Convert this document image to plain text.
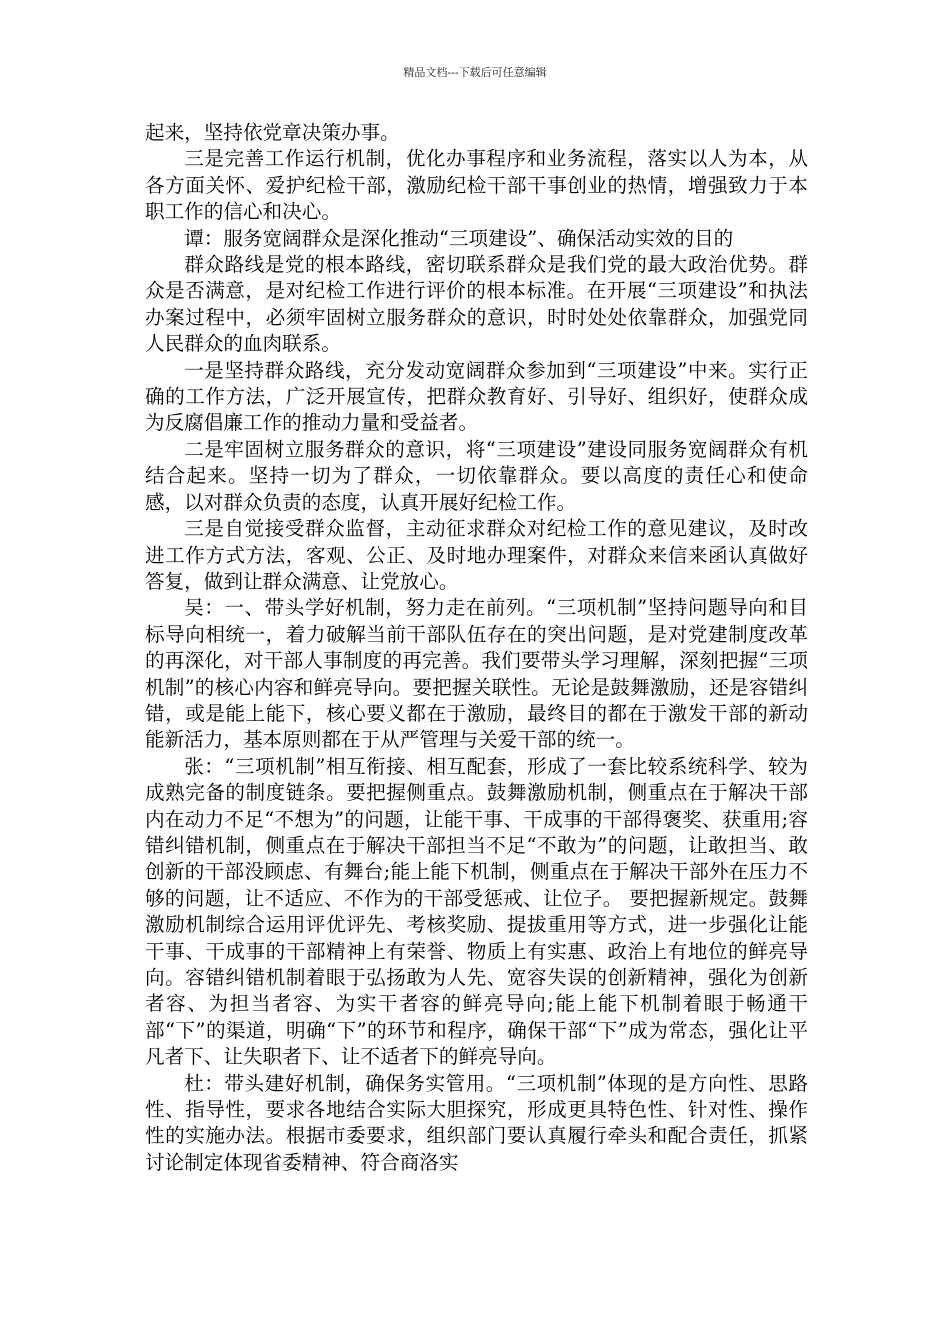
精品文档---下载后可任意编辑

起来，坚持依党章决策办事。

三是完善工作运行机制，优化办事程序和业务流程，落实以人为本，从各方面关怀、爱护纪检干部，激励纪检干部干事创业的热情，增强致力于本职工作的信心和决心。

谭：服务宽阔群众是深化推动“三项建设”、确保活动实效的目的

群众路线是党的根本路线，密切联系群众是我们党的最大政治优势。群众是否满意，是对纪检工作进行评价的根本标准。在开展“三项建设”和执法办案过程中，必须牢固树立服务群众的意识，时时处处依靠群众，加强党同人民群众的血肉联系。

一是坚持群众路线，充分发动宽阔群众参加到“三项建设”中来。实行正确的工作方法，广泛开展宣传，把群众教育好、引导好、组织好，使群众成为反腐倡廉工作的推动力量和受益者。

二是牢固树立服务群众的意识，将“三项建设”建设同服务宽阔群众有机结合起来。坚持一切为了群众，一切依靠群众。要以高度的责任心和使命感，以对群众负责的态度，认真开展好纪检工作。

三是自觉接受群众监督，主动征求群众对纪检工作的意见建议，及时改进工作方式方法，客观、公正、及时地办理案件，对群众来信来函认真做好答复，做到让群众满意、让党放心。

吴：一、带头学好机制，努力走在前列。“三项机制”坚持问题导向和目标导向相统一，着力破解当前干部队伍存在的突出问题，是对党建制度改革的再深化，对干部人事制度的再完善。我们要带头学习理解，深刻把握“三项机制”的核心内容和鲜亮导向。要把握关联性。无论是鼓舞激励，还是容错纠错，或是能上能下，核心要义都在于激励，最终目的都在于激发干部的新动能新活力，基本原则都在于从严管理与关爱干部的统一。

张：“三项机制”相互衔接、相互配套，形成了一套比较系统科学、较为成熟完备的制度链条。要把握侧重点。鼓舞激励机制，侧重点在于解决干部内在动力不足“不想为”的问题，让能干事、干成事的干部得褒奖、获重用;容错纠错机制，侧重点在于解决干部担当不足“不敢为”的问题，让敢担当、敢创新的干部没顾虑、有舞台;能上能下机制，侧重点在于解决干部外在压力不够的问题，让不适应、不作为的干部受惩戒、让位子。 要把握新规定。鼓舞激励机制综合运用评优评先、考核奖励、提拔重用等方式，进一步强化让能干事、干成事的干部精神上有荣誉、物质上有实惠、政治上有地位的鲜亮导向。容错纠错机制着眼于弘扬敢为人先、宽容失误的创新精神，强化为创新者容、为担当者容、为实干者容的鲜亮导向;能上能下机制着眼于畅通干部“下”的渠道，明确“下”的环节和程序，确保干部“下”成为常态，强化让平凡者下、让失职者下、让不适者下的鲜亮导向。

杜：带头建好机制，确保务实管用。“三项机制”体现的是方向性、思路性、指导性，要求各地结合实际大胆探究，形成更具特色性、针对性、操作性的实施办法。根据市委要求，组织部门要认真履行牵头和配合责任，抓紧讨论制定体现省委精神、符合商洛实
